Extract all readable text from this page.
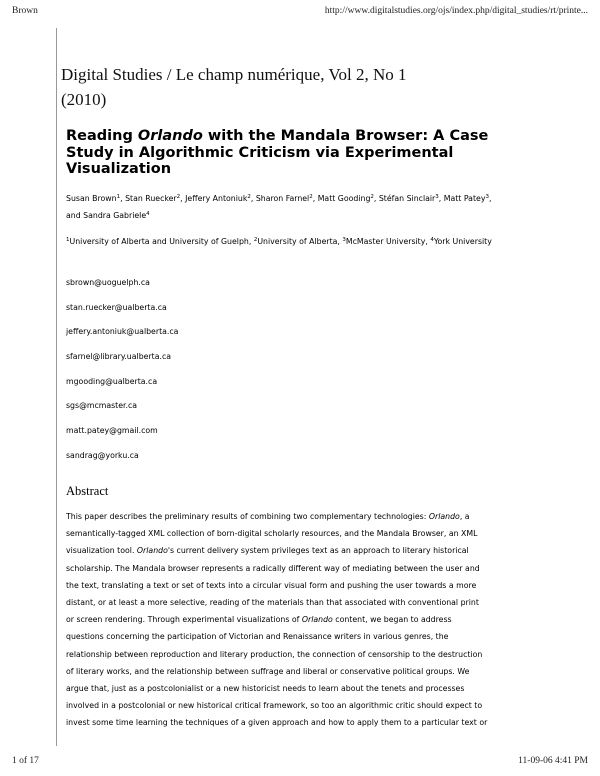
Brown	http://www.digitalstudies.org/ojs/index.php/digital_studies/rt/printe...
Digital Studies / Le champ numérique, Vol 2, No 1
(2010)
Reading Orlando with the Mandala Browser: A Case Study in Algorithmic Criticism via Experimental Visualization
Susan Brown$^1$, Stan Ruecker$^2$, Jeffery Antoniuk$^2$, Sharon Farnel$^2$, Matt Gooding$^2$, Stéfan Sinclair$^3$, Matt Patey$^3$, and Sandra Gabriele$^4$
$^1$University of Alberta and University of Guelph, $^2$University of Alberta, $^3$McMaster University, $^4$York University
sbrown@uoguelph.ca
stan.ruecker@ualberta.ca
jeffery.antoniuk@ualberta.ca
sfarnel@library.ualberta.ca
mgooding@ualberta.ca
sgs@mcmaster.ca
matt.patey@gmail.com
sandrag@yorku.ca
Abstract
This paper describes the preliminary results of combining two complementary technologies: Orlando, a
semantically-tagged XML collection of born-digital scholarly resources, and the Mandala Browser, an XML
visualization tool. Orlando's current delivery system privileges text as an approach to literary historical
scholarship. The Mandala browser represents a radically different way of mediating between the user and
the text, translating a text or set of texts into a circular visual form and pushing the user towards a more
distant, or at least a more selective, reading of the materials than that associated with conventional print
or screen rendering. Through experimental visualizations of Orlando content, we began to address
questions concerning the participation of Victorian and Renaissance writers in various genres, the
relationship between reproduction and literary production, the connection of censorship to the destruction
of literary works, and the relationship between suffrage and liberal or conservative political groups. We
argue that, just as a postcolonialist or a new historicist needs to learn about the tenets and processes
involved in a postcolonial or new historical critical framework, so too an algorithmic critic should expect to
invest some time learning the techniques of a given approach and how to apply them to a particular text or
1 of 17	11-09-06 4:41 PM
